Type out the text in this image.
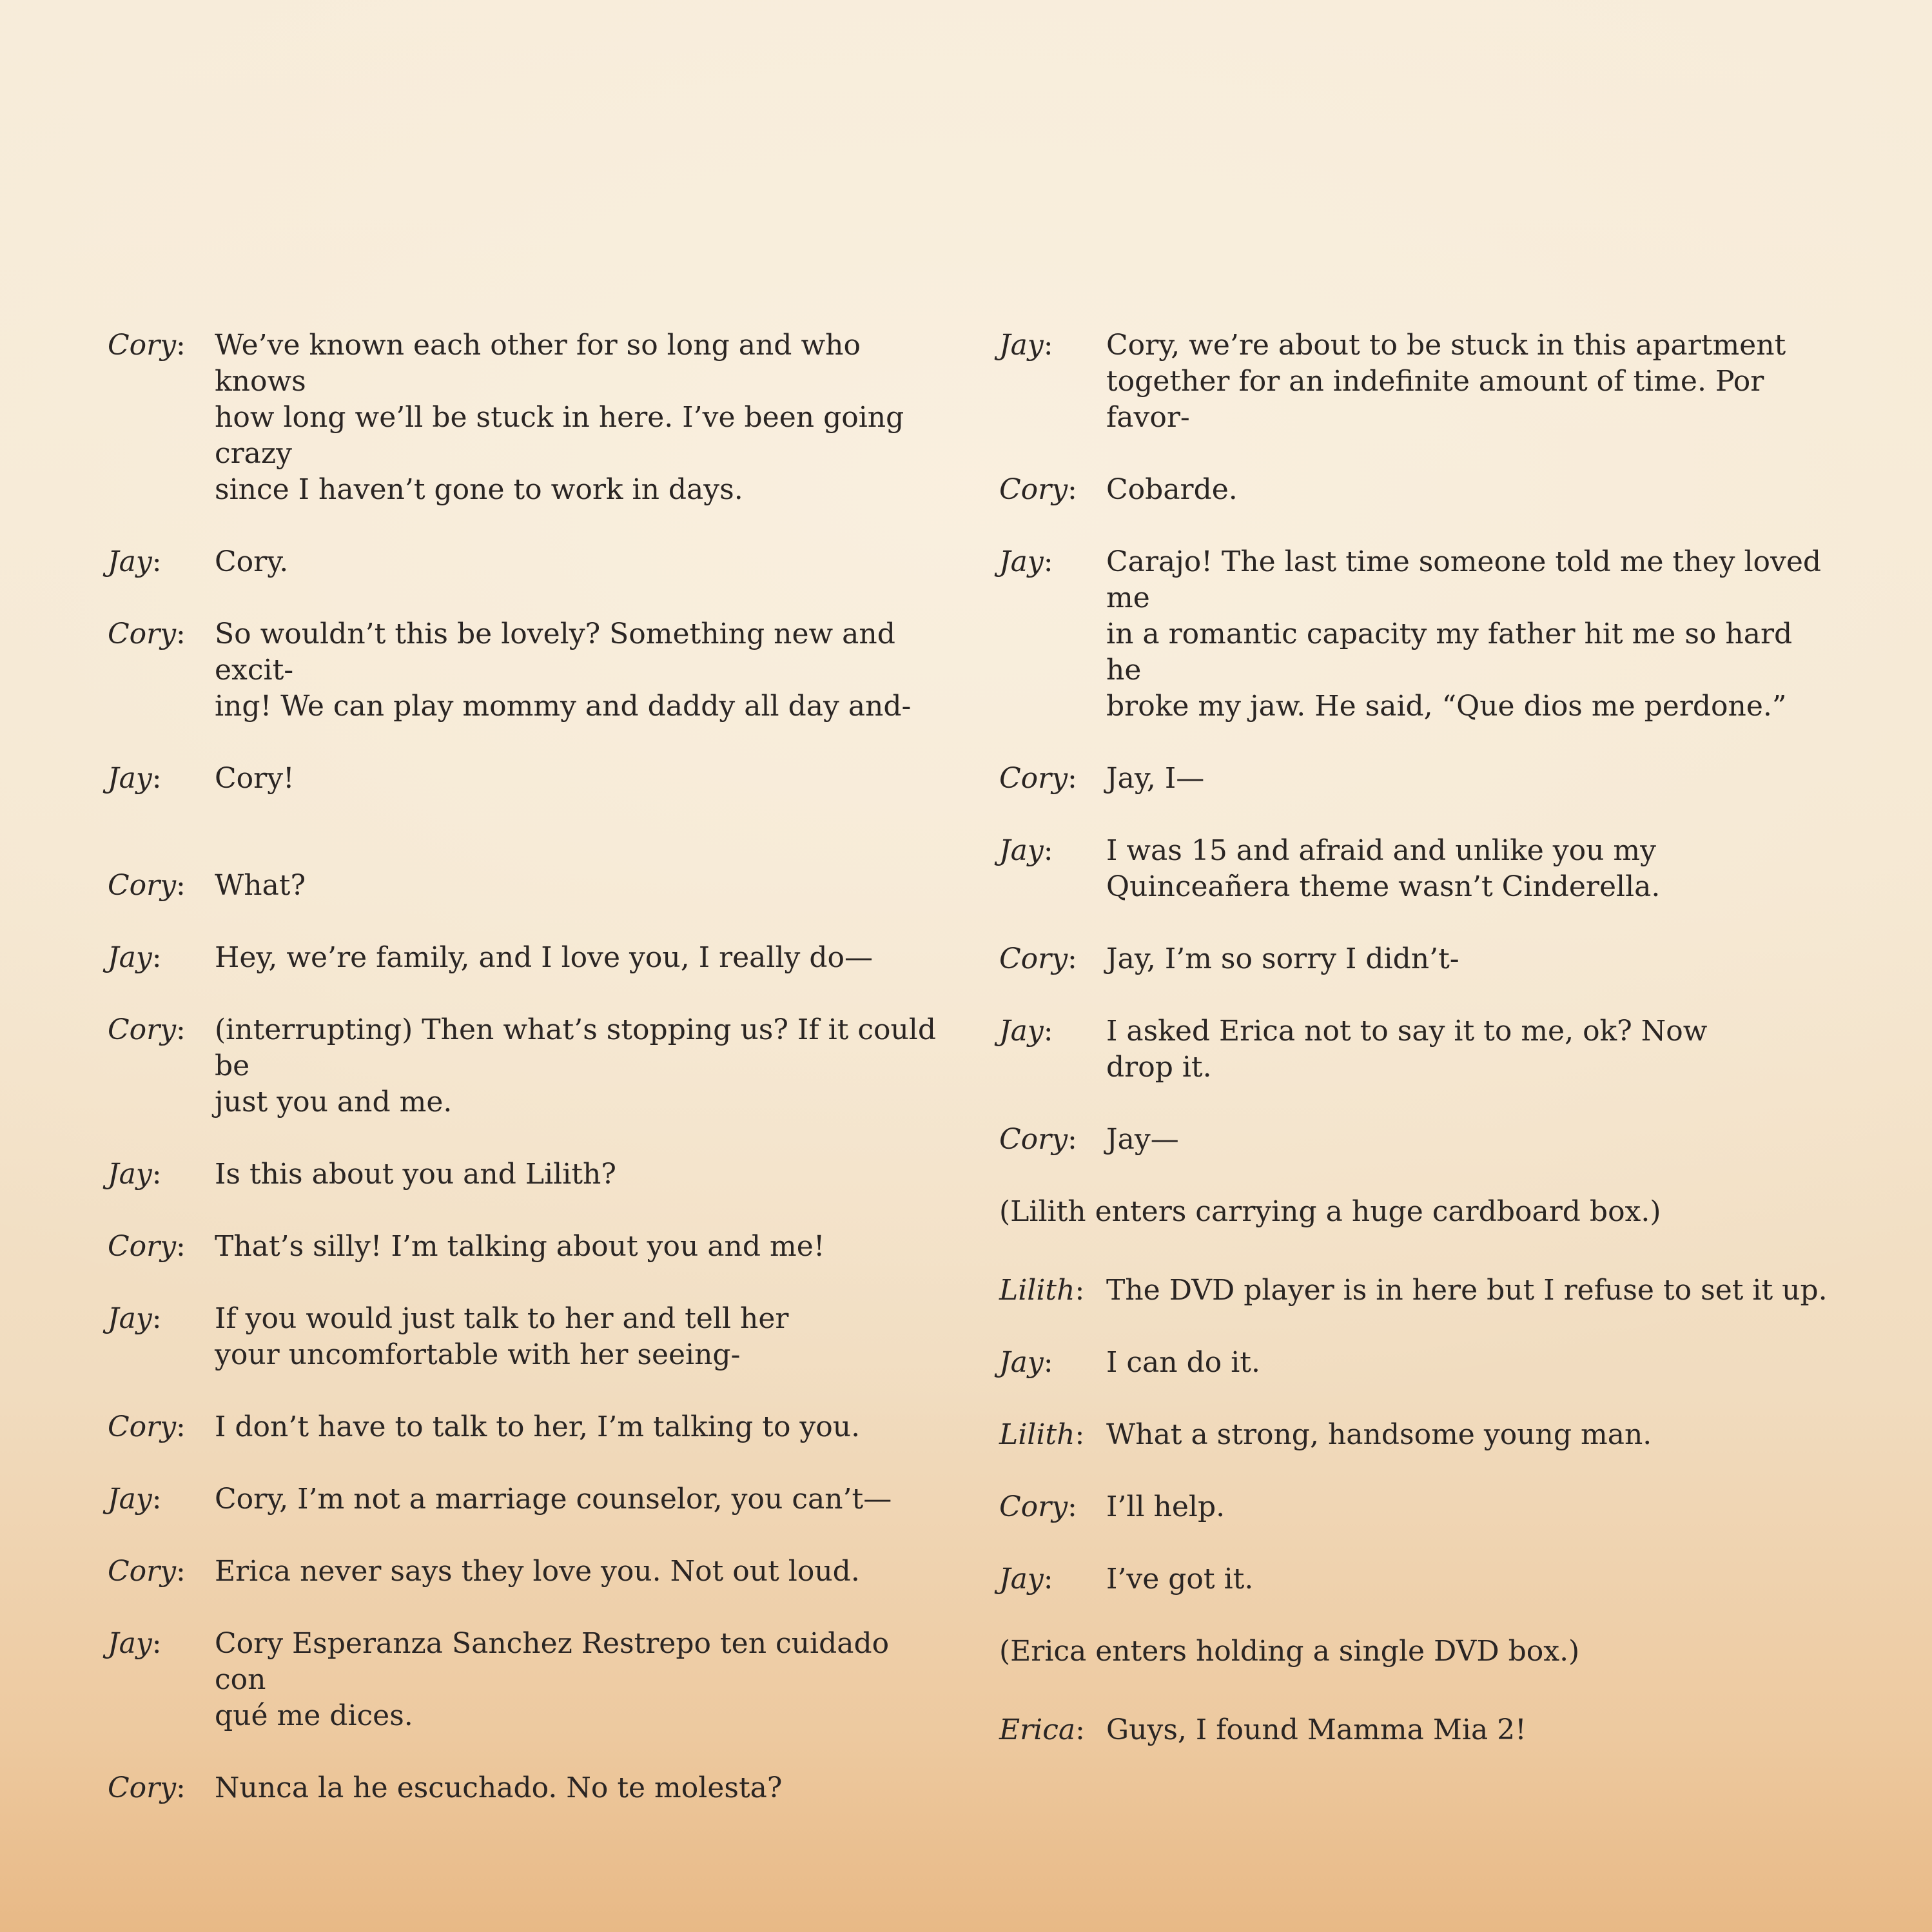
Cory:	We’ve known each other for so long and who knows
how long we’ll be stuck in here. I’ve been going crazy
since I haven’t gone to work in days.
Jay:	Cory.
Cory:	So wouldn’t this be lovely? Something new and excit-
ing! We can play mommy and daddy all day and-
Jay:	Cory!
Cory:	What?
Jay:	Hey, we’re family, and I love you, I really do—
Cory:	(interrupting) Then what’s stopping us? If it could be
just you and me.
Jay:	Is this about you and Lilith?
Cory:	That’s silly! I’m talking about you and me!
Jay:	If you would just talk to her and tell her
your uncomfortable with her seeing-
Cory:	I don’t have to talk to her, I’m talking to you.
Jay:	Cory, I’m not a marriage counselor, you can’t—
Cory:	Erica never says they love you. Not out loud.
Jay:	Cory Esperanza Sanchez Restrepo ten cuidado con
qué me dices.
Cory:	Nunca la he escuchado. No te molesta?
Jay:	Cory, we’re about to be stuck in this apartment
together for an indefinite amount of time. Por favor-
Cory:	Cobarde.
Jay:	Carajo! The last time someone told me they loved me
in a romantic capacity my father hit me so hard he
broke my jaw. He said, “Que dios me perdone.”
Cory:	Jay, I—
Jay:	I was 15 and afraid and unlike you my
Quinceañera theme wasn’t Cinderella.
Cory:	Jay, I’m so sorry I didn’t-
Jay:	I asked Erica not to say it to me, ok? Now
drop it.
Cory:	Jay—
(Lilith enters carrying a huge cardboard box.)
Lilith: The DVD player is in here but I refuse to set it up.
Jay:	I can do it.
Lilith: What a strong, handsome young man.
Cory:	I’ll help.
Jay:	I’ve got it.
(Erica enters holding a single DVD box.)
Erica: Guys, I found Mamma Mia 2!
